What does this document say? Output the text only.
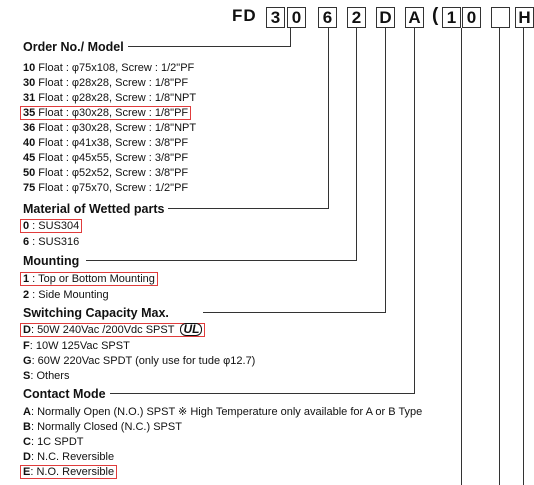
FD 3 0 6 2 D A ( 1 0 H
Order No./ Model
10 Float : φ75x108, Screw : 1/2"PF
30 Float : φ28x28, Screw : 1/8"PF
31 Float : φ28x28, Screw : 1/8"NPT
35 Float : φ30x28, Screw : 1/8"PF
36 Float : φ30x28, Screw : 1/8"NPT
40 Float : φ41x38, Screw : 3/8"PF
45 Float : φ45x55, Screw : 3/8"PF
50 Float : φ52x52, Screw : 3/8"PF
75 Float : φ75x70, Screw : 1/2"PF
Material of Wetted parts
0 : SUS304
6 : SUS316
Mounting
1 : Top or Bottom Mounting
2 : Side Mounting
Switching Capacity Max.
D: 50W 240Vac /200Vdc SPST UL
F: 10W 125Vac SPST
G: 60W 220Vac SPDT (only use for tude φ12.7)
S: Others
Contact Mode
A: Normally Open (N.O.) SPST ※ High Temperature only available for A or B Type
B: Normally Closed (N.C.) SPST
C: 1C SPDT
D: N.C. Reversible
E: N.O. Reversible
